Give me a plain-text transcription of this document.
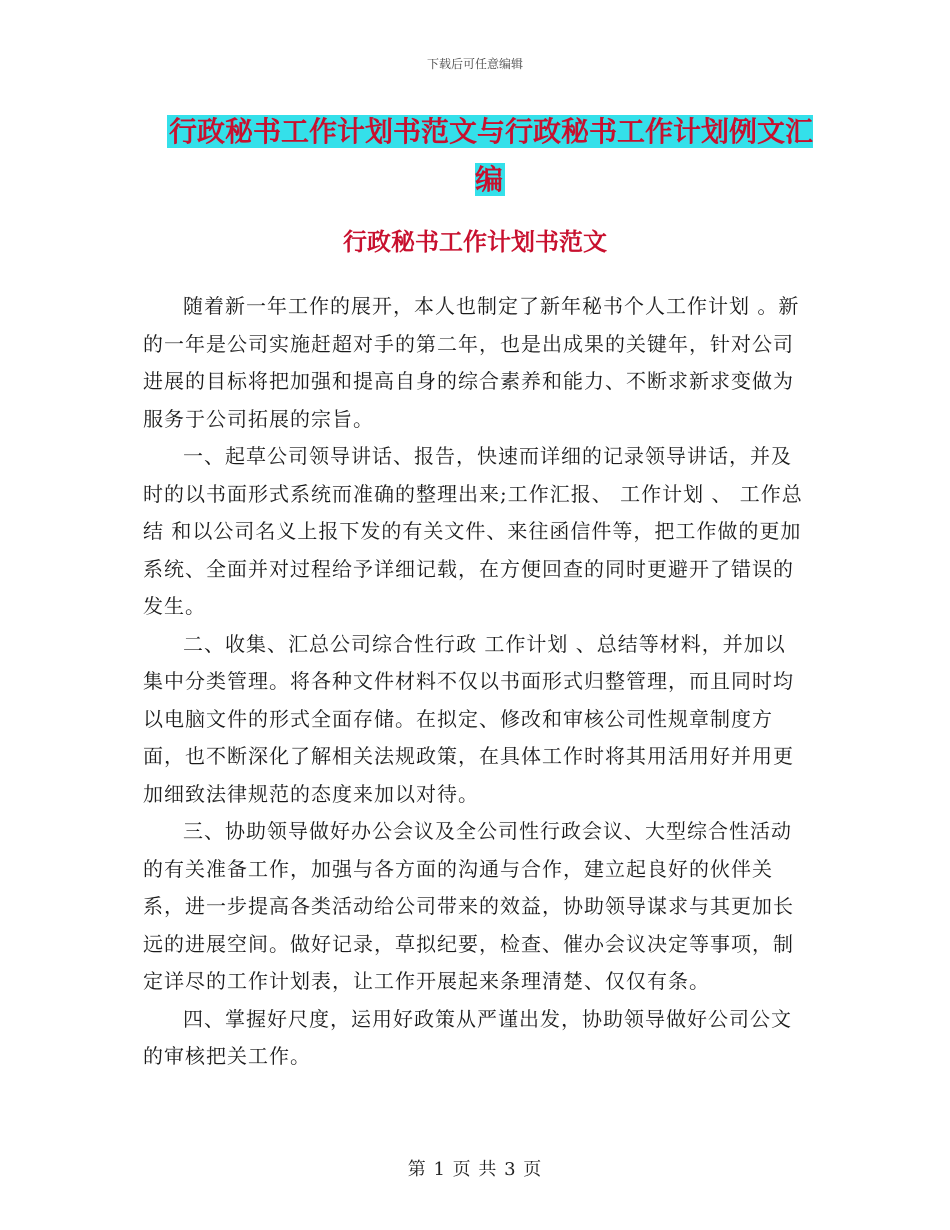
下载后可任意编辑
行政秘书工作计划书范文与行政秘书工作计划例文汇编
行政秘书工作计划书范文

随着新一年工作的展开，本人也制定了新年秘书个人工作计划 。新的一年是公司实施赶超对手的第二年，也是出成果的关键年，针对公司进展的目标将把加强和提高自身的综合素养和能力、不断求新求变做为服务于公司拓展的宗旨。

一、起草公司领导讲话、报告，快速而详细的记录领导讲话，并及时的以书面形式系统而准确的整理出来;工作汇报、 工作计划 、 工作总结 和以公司名义上报下发的有关文件、来往函信件等，把工作做的更加系统、全面并对过程给予详细记载，在方便回查的同时更避开了错误的发生。

二、收集、汇总公司综合性行政 工作计划 、总结等材料，并加以集中分类管理。将各种文件材料不仅以书面形式归整管理，而且同时均以电脑文件的形式全面存储。在拟定、修改和审核公司性规章制度方面，也不断深化了解相关法规政策，在具体工作时将其用活用好并用更加细致法律规范的态度来加以对待。

三、协助领导做好办公会议及全公司性行政会议、大型综合性活动的有关准备工作，加强与各方面的沟通与合作，建立起良好的伙伴关系，进一步提高各类活动给公司带来的效益，协助领导谋求与其更加长远的进展空间。做好记录，草拟纪要，检查、催办会议决定等事项，制定详尽的工作计划表，让工作开展起来条理清楚、仅仅有条。

四、掌握好尺度，运用好政策从严谨出发，协助领导做好公司公文的审核把关工作。

第 1 页 共 3 页
